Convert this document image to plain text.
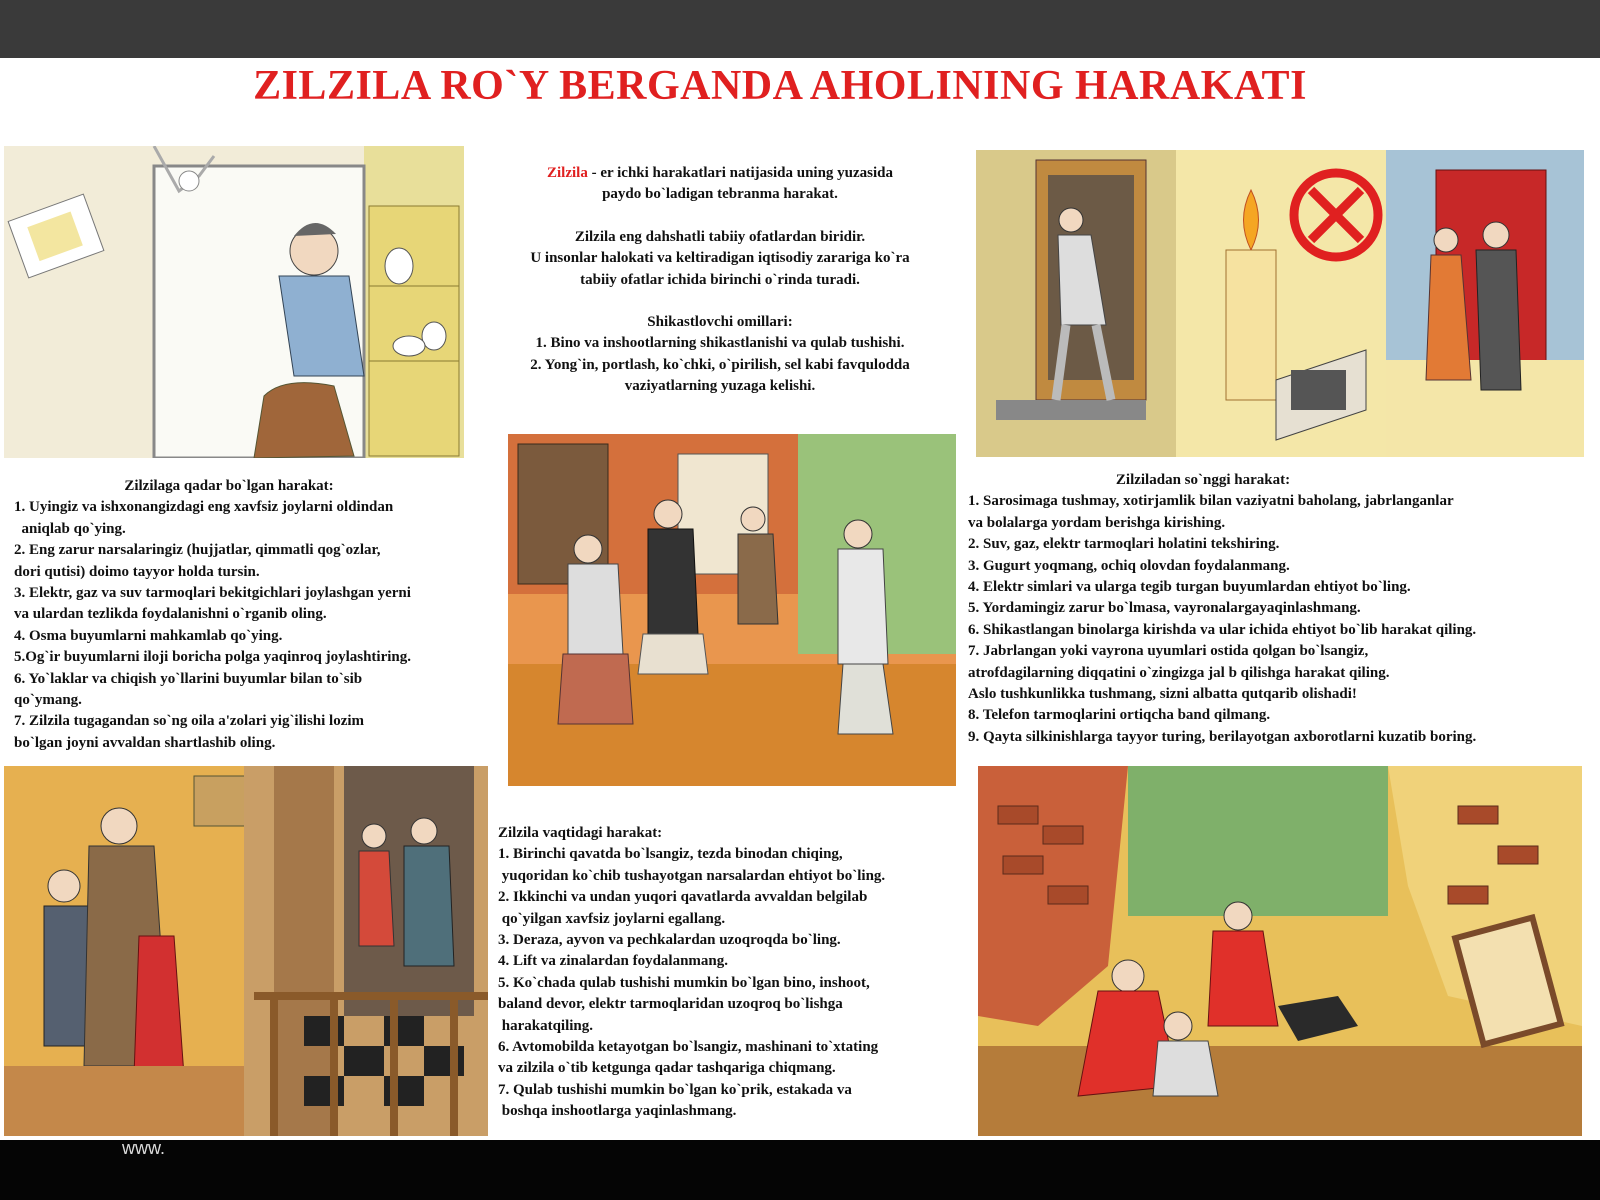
ZILZILA RO`Y BERGANDA AHOLINING HARAKATI

Zilzila - er ichki harakatlari natijasida uning yuzasida

paydo bo`ladigan tebranma harakat.

Zilzila eng dahshatli tabiiy ofatlardan biridir.

U insonlar halokati va keltiradigan iqtisodiy zarariga ko`ra

tabiiy ofatlar ichida birinchi o`rinda turadi.

Shikastlovchi omillari:

1. Bino va inshootlarning shikastlanishi va qulab tushishi.

2. Yong`in, portlash, ko`chki, o`pirilish, sel kabi favqulodda

vaziyatlarning yuzaga kelishi.

Zilzilaga qadar bo`lgan harakat:

1. Uyingiz va ishxonangizdagi eng xavfsiz joylarni oldindan

aniqlab qo`ying.

2. Eng zarur narsalaringiz (hujjatlar, qimmatli qog`ozlar,

dori qutisi) doimo tayyor holda tursin.

3. Elektr, gaz va suv tarmoqlari bekitgichlari joylashgan yerni

va ulardan tezlikda foydalanishni o`rganib oling.

4. Osma buyumlarni mahkamlab qo`ying.

5.Og`ir buyumlarni iloji boricha polga yaqinroq joylashtiring.

6. Yo`laklar va chiqish yo`llarini buyumlar bilan to`sib

qo`ymang.

7. Zilzila tugagandan so`ng oila a'zolari yig`ilishi lozim

bo`lgan joyni avvaldan shartlashib oling.

Zilziladan so`nggi harakat:

1. Sarosimaga tushmay, xotirjamlik bilan vaziyatni baholang, jabrlanganlar

va bolalarga yordam berishga kirishing.

2. Suv, gaz, elektr tarmoqlari holatini tekshiring.

3. Gugurt yoqmang, ochiq olovdan foydalanmang.

4. Elektr simlari va ularga tegib turgan buyumlardan ehtiyot bo`ling.

5. Yordamingiz zarur bo`lmasa, vayronalargayaqinlashmang.

6. Shikastlangan binolarga kirishda va ular ichida ehtiyot bo`lib harakat qiling.

7. Jabrlangan yoki vayrona uyumlari ostida qolgan bo`lsangiz,

atrofdagilarning diqqatini o`zingizga jal b qilishga harakat qiling.

Aslo tushkunlikka tushmang, sizni albatta qutqarib olishadi!

8. Telefon tarmoqlarini ortiqcha band qilmang.

9. Qayta silkinishlarga tayyor turing, berilayotgan axborotlarni kuzatib boring.

Zilzila vaqtidagi harakat:

1. Birinchi qavatda bo`lsangiz, tezda binodan chiqing,

yuqoridan ko`chib tushayotgan narsalardan ehtiyot bo`ling.

2. Ikkinchi va undan yuqori qavatlarda avvaldan belgilab

qo`yilgan xavfsiz joylarni egallang.

3. Deraza, ayvon va pechkalardan uzoqroqda bo`ling.

4. Lift va zinalardan foydalanmang.

5. Ko`chada qulab tushishi mumkin bo`lgan bino, inshoot,

baland devor, elektr tarmoqlaridan uzoqroq bo`lishga

harakatqiling.

6. Avtomobilda ketayotgan bo`lsangiz, mashinani to`xtating

va zilzila o`tib ketgunga qadar tashqariga chiqmang.

7. Qulab tushishi mumkin bo`lgan ko`prik, estakada va

boshqa inshootlarga yaqinlashmang.

www.
